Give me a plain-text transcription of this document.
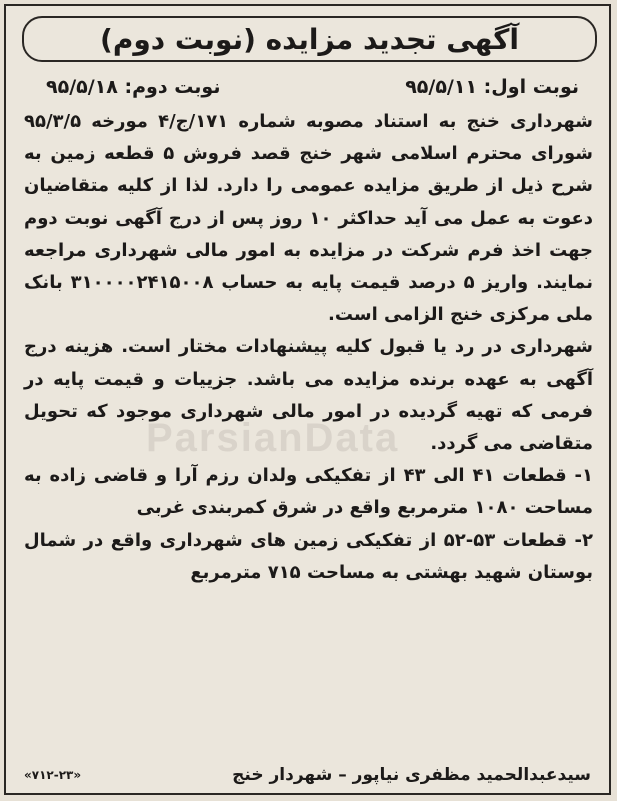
ParsianData
آگهی تجدید مزایده (نوبت دوم)
نوبت اول: ۹۵/۵/۱۱
نوبت دوم: ۹۵/۵/۱۸

شهرداری خنج به استناد مصوبه شماره ۱۷۱/ج/۴ مورخه ۹۵/۳/۵ شورای محترم اسلامی شهر خنج قصد فروش ۵ قطعه زمین به شرح ذیل از طریق مزایده عمومی را دارد. لذا از کلیه متقاضیان دعوت به عمل می آید حداکثر ۱۰ روز پس از درج آگهی نوبت دوم جهت اخذ فرم شرکت در مزایده به امور مالی شهرداری مراجعه نمایند. واریز ۵ درصد قیمت پایه به حساب ۳۱۰۰۰۰۲۴۱۵۰۰۸ بانک ملی مرکزی خنج الزامی است.

شهرداری در رد یا قبول کلیه پیشنهادات مختار است. هزینه درج آگهی به عهده برنده مزایده می باشد. جزییات و قیمت پایه در فرمی که تهیه گردیده در امور مالی شهرداری موجود که تحویل متقاضی می گردد.

۱- قطعات ۴۱ الی ۴۳ از تفکیکی ولدان رزم آرا و قاضی زاده به مساحت ۱۰۸۰ مترمربع واقع در شرق کمربندی غربی

۲- قطعات ۵۳-۵۲ از تفکیکی زمین های شهرداری واقع در شمال بوستان شهید بهشتی به مساحت ۷۱۵ مترمربع

سیدعبدالحمید مظفری نیاپور – شهردار خنج
«۷۱۲-۲۳»
